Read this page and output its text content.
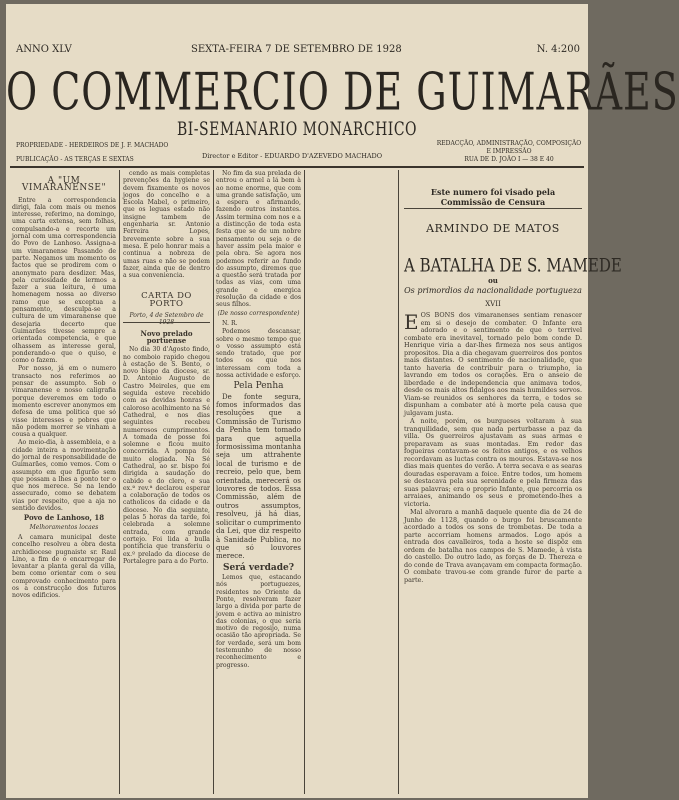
ANNO XLV	SEXTA-FEIRA 7 DE SETEMBRO DE 1928	N. 4:200
O COMMERCIO DE GUIMARÃES
BI-SEMANARIO MONARCHICO
PROPRIEDADE - HERDEIROS DE J. F. MACHADO
PUBLICAÇÃO - AS TERÇAS E SEXTAS	Director e Editor - EDUARDO D'AZEVEDO MACHADO
REDACÇÃO, ADMINISTRAÇÃO, COMPOSIÇÃO
E IMPRESSÃO
RUA DE D. JOÃO I — 38 E 40
A "UM VIMARANENSE"

Entre a correspondencia dirigi, fala com mais ou menos interesse, referimo, na domingo, uma carta extensa, sem folhas, compulsando-a e recorte um jornal com uma correspondencia do Povo de Lanhoso. Assigna-a um vimaranense Passando de parte. Negamos um momento os factos que se prodirem com o anonymato para desdizer. Mas, pela curiosidade de lermos a fazer a sua leitura, é uma homenagem nossa ao diverso ramo que se exceptua a pensamento, desculpa-se a cultura de um vimaranense que desejaria decerto que Guimarães tivesse sempre a orientada competencia, e que olhassem as interesse geral, ponderando-o que o quiso, e como o fazem.

Por nosso, já em o numero transacto nos referimos ao pensar de assumpto. Sob o vimaranense e nosso caligrafia porque deveremos em todo o momento escrever anonymos em defesa de uma politica que só visse interesses e pobres que não podem morrer se vinham a cousa a qualquer.

Ao meio-dia, à assembleia, e a cidade inteira a movimentação do jornal de responsabilidade de Guimarães, como vemos. Com o assumpto em que figurão sem que possam a lhes a ponto ter o que nos merece. Se na lendo assecurado, como se debatem vias por respeito, que a aja no sentido devidos.

Povo de Lanhoso, 18
Melhoramentos locaes

A camara municipal deste concelho resolveu a obra desta archidiocese pugnaiste sr. Raul Lino, a fim de o encarregar de levantar a planta geral da villa, bem como orientar com o seu comprovado conhecimento para os a construcção dos futuros novos edificios.

cendo as mais completas prevenções da hygiene se devem fixamente os novos jogos do concelho e a Escola Mabel, o primeiro, que os leguas estado não insigne tambem de engenharia sr. Antonio Ferreira Lopes, brevemente sobre a sua mesa. É pelo honrar mais a continua a nobreza de umas ruas e não se podem fazer, ainda que de dentro a sua conveniencia.

CARTA DO PORTO
Porto, 4 de Setembro de
Novo prelado portuense

No dia 30 d'Agosto findo, no comboio rapido chegou à estação de S. Bento, o novo bispo da diocese, sr. D. Antonio Augusto de Castro Meireles, que em seguida esteve recebido com as devidas honras e caloroso acolhimento na Sé Cathedral, e nos dias seguintes recebeu numerosos cumprimentos. A tomada de posse foi solemne e ficou muito concorrida. A pompa foi muito elogiada. Na Sé Cathedral, ao sr. bispo foi dirigida a saudação do cabido e do clero, e sua ex.ª rev.ª declarou esperar a colaboração de todos os catholicos da cidade e da diocese. No dia seguinte, pelas 5 horas da tarde, foi celebrada a solemne entrada, com grande cortejo. Foi lida a bulla pontificia que transferiu o ex.º prelado da diocese de Portalegre para a do Porto.

No fim da sua prelada de entrou o armel a lá bem à ao nome enorme, que com uma grande satisfação, um a espera e afirmando, fazendo outros instantes. Assim termina com nos e a a distincção de toda esta festa que se de um nobre pensamento ou seja o de haver assim pela maior e pela obra. Se agora nos podemos referir ao fundo do assumpto, diremos que a questão será tratada por todas as vias, com uma grande e energica resolução da cidade e dos seus filhos.

(De nosso correspondente)

N. R.

Podemos descansar, sobre o mesmo tempo que o vosso assumpto está sendo tratado, que por todos os que nos interessam com toda a nossa actividade e esforço.

Pela Penha

De fonte segura, fomos informados das resoluções que a Commissão de Turismo da Penha tem tomado para que aquella formosissima montanha seja um attrahente local de turismo e de recreio, pelo que, bem orientada, merecerá os louvores de todos. Essa Commissão, além de outros assumptos, resolveu, já há dias, solicitar o cumprimento da Lei, que diz respeito à Sanidade Publica, no que só louvores merece.

Será verdade?

Lemos que, estacando nós portuguezes, residentes no Oriente da Ponte, resolveram fazer largo a divida por parte de jovem e activa ao ministro das colonias, o que seria motivo de regosijo, numa ocasião tão apropriada. Se for verdade, será um bom testemunho de nosso reconhecimento e progresso.

Este numero foi visado pela Commissão de Censura
ARMINDO DE MATOS
A BATALHA DE S. MAMEDE
ou
Os primordios da nacionalidade portugueza
XVII
E OS BONS dos vimaranenses sentiam renascer em si o desejo de combater. O Infante era adorado e o sentimento de que o terrivel combate era inevitavel, tornado pelo bom conde D. Henrique viria a dar-lhes firmeza nos seus antigos propositos. Dia a dia chegavam guerreiros dos pontos mais distantes. O sentimento de nacionalidade, que tanto haveria de contribuir para o triumpho, ia lavrando em todos os corações. Era o anseio de liberdade e de independencia que animava todos, desde os mais altos fidalgos aos mais humildes servos. Viam-se reunidos os senhores da terra, e todos se dispunham a combater até à morte pela causa que julgavam justa.

A noite, porém, os burgueses voltaram à sua tranquilidade, sem que nada perturbasse a paz da villa. Os guerreiros ajustavam as suas armas e preparavam as suas montadas. Em redor das fogueiras contavam-se os feitos antigos, e os velhos recordavam as luctas contra os mouros. Estava-se nos dias mais quentes do verão. A terra secava e as searas douradas esperavam a foice. Entre todos, um homem se destacava pela sua serenidade e pela firmeza das suas palavras; era o proprio Infante, que percorria os arraiaes, animando os seus e prometendo-lhes a victoria.

Mal alvorara a manhã daquele quente dia de 24 de Junho de 1128, quando o burgo foi bruscamente acordado a todos os sons de trombetas. De toda a parte accorriam homens armados. Logo após a entrada dos cavalleiros, toda a hoste se dispôz em ordem de batalha nos campos de S. Mamede, à vista do castello. Do outro lado, as forças de D. Thereza e do conde de Trava avançavam em compacta formação. O combate travou-se com grande furor de parte a parte.
